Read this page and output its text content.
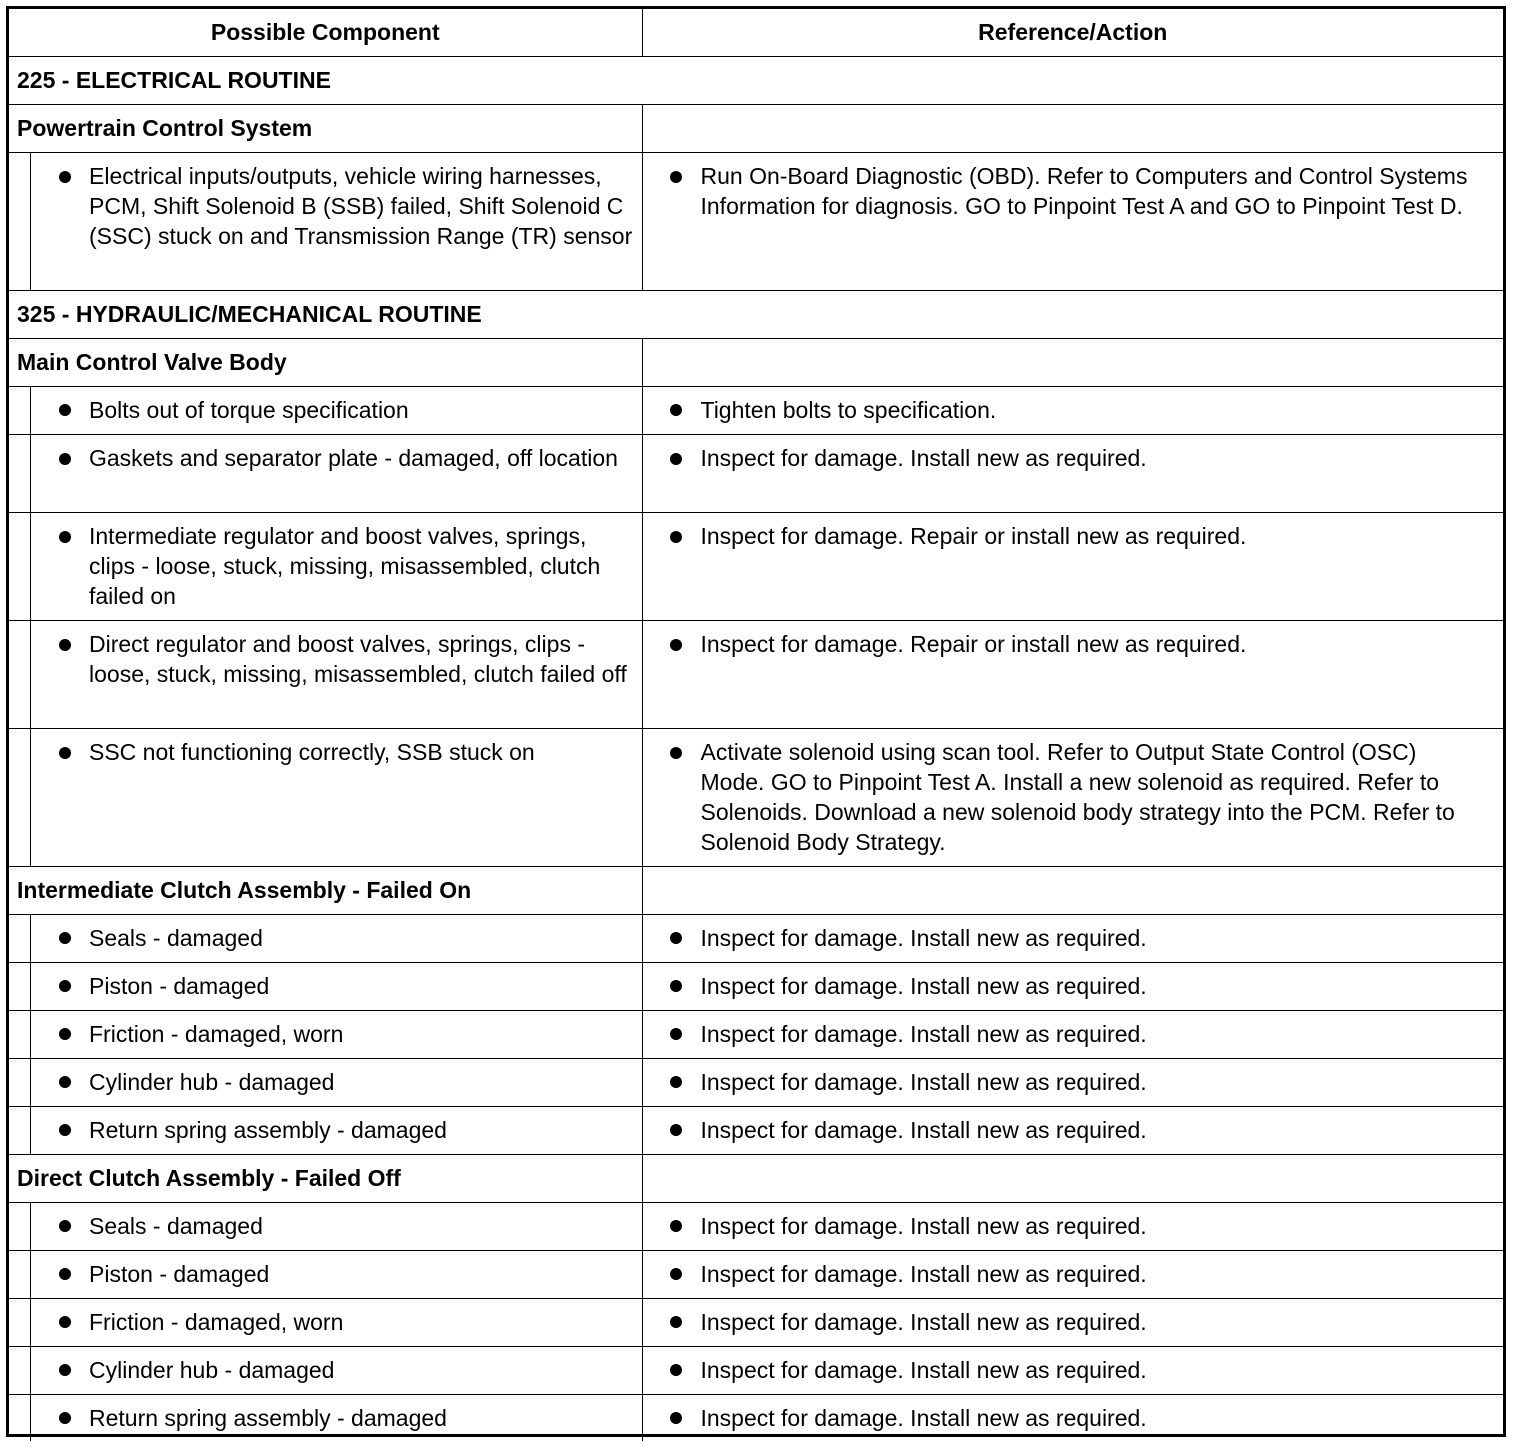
Possible Component	Reference/Action
225 - ELECTRICAL ROUTINE	
Powertrain Control System	

Electrical inputs/outputs, vehicle wiring harnesses, PCM, Shift Solenoid B (SSB) failed, Shift Solenoid C (SSC) stuck on and Transmission Range (TR) sensor	Run On-Board Diagnostic (OBD). Refer to Computers and Control Systems Information for diagnosis. GO to Pinpoint Test A and GO to Pinpoint Test D.
325 - HYDRAULIC/MECHANICAL ROUTINE	
Main Control Valve Body	

Bolts out of torque specification	Tighten bolts to specification.

Gaskets and separator plate - damaged, off location	Inspect for damage. Install new as required.

Intermediate regulator and boost valves, springs, clips - loose, stuck, missing, misassembled, clutch failed on	Inspect for damage. Repair or install new as required.

Direct regulator and boost valves, springs, clips - loose, stuck, missing, misassembled, clutch failed off	Inspect for damage. Repair or install new as required.

SSC not functioning correctly, SSB stuck on	Activate solenoid using scan tool. Refer to Output State Control (OSC) Mode. GO to Pinpoint Test A. Install a new solenoid as required. Refer to Solenoids. Download a new solenoid body strategy into the PCM. Refer to Solenoid Body Strategy.
Intermediate Clutch Assembly - Failed On	

Seals - damaged	Inspect for damage. Install new as required.

Piston - damaged	Inspect for damage. Install new as required.

Friction - damaged, worn	Inspect for damage. Install new as required.

Cylinder hub - damaged	Inspect for damage. Install new as required.

Return spring assembly - damaged	Inspect for damage. Install new as required.
Direct Clutch Assembly - Failed Off	

Seals - damaged	Inspect for damage. Install new as required.

Piston - damaged	Inspect for damage. Install new as required.

Friction - damaged, worn	Inspect for damage. Install new as required.

Cylinder hub - damaged	Inspect for damage. Install new as required.

Return spring assembly - damaged	Inspect for damage. Install new as required.
